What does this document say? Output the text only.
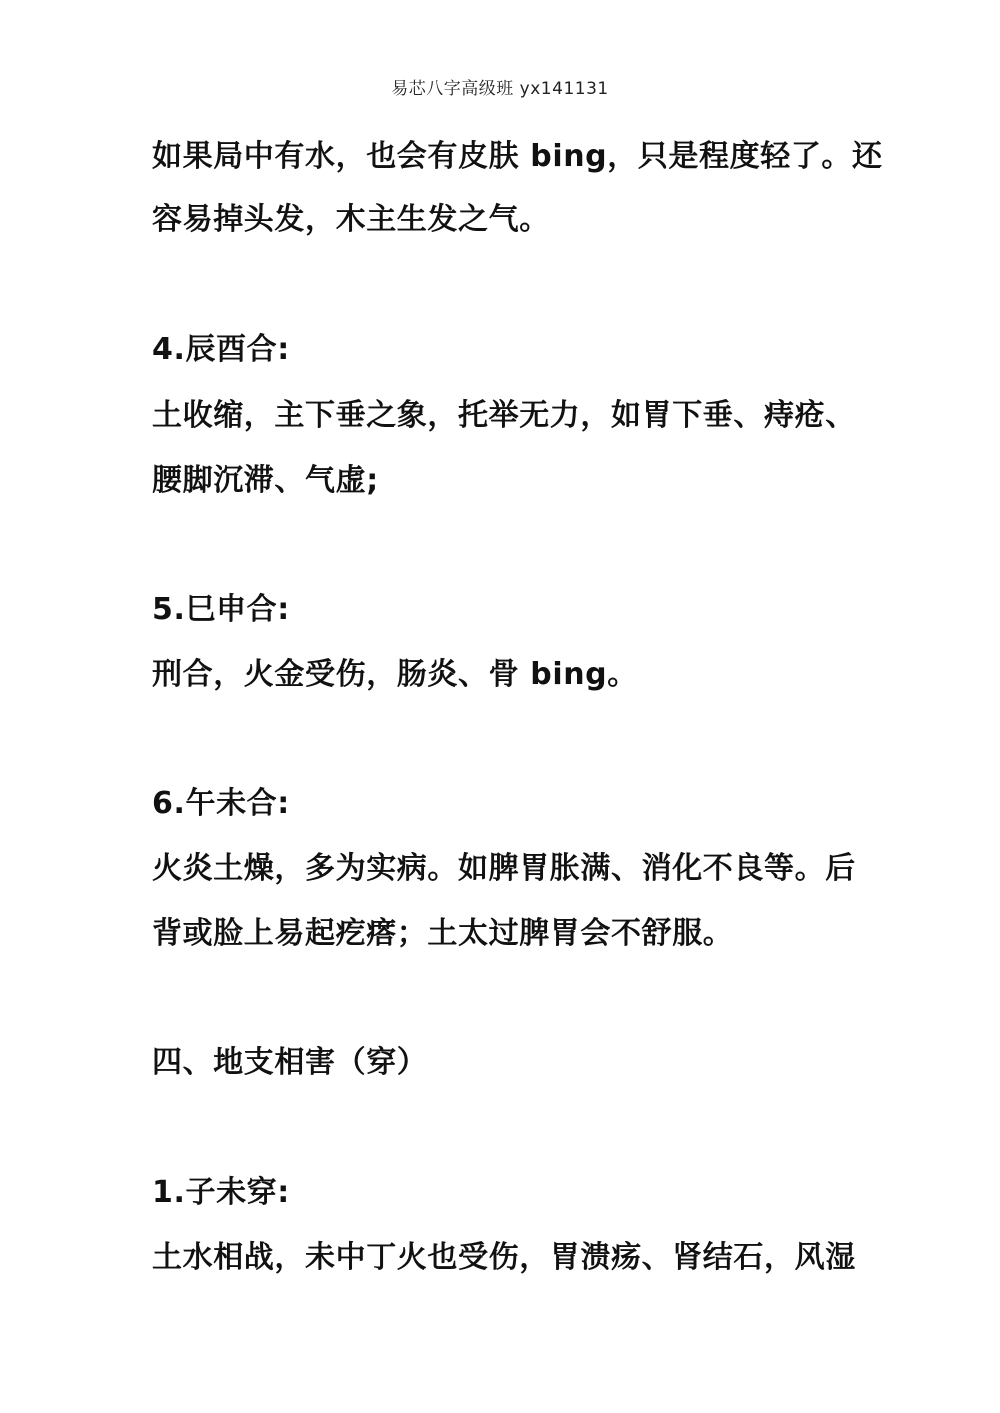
易芯八字高级班 yx141131
如果局中有水，也会有皮肤 bing，只是程度轻了。还
容易掉头发，木主生发之气。
4.辰酉合:
土收缩，主下垂之象，托举无力，如胃下垂、痔疮、
腰脚沉滞、气虚;
5.巳申合:
刑合，火金受伤，肠炎、骨 bing。
6.午未合:
火炎土燥，多为实病。如脾胃胀满、消化不良等。后
背或脸上易起疙瘩；土太过脾胃会不舒服。
四、地支相害（穿）
1.子未穿:
土水相战，未中丁火也受伤，胃溃疡、肾结石，风湿
